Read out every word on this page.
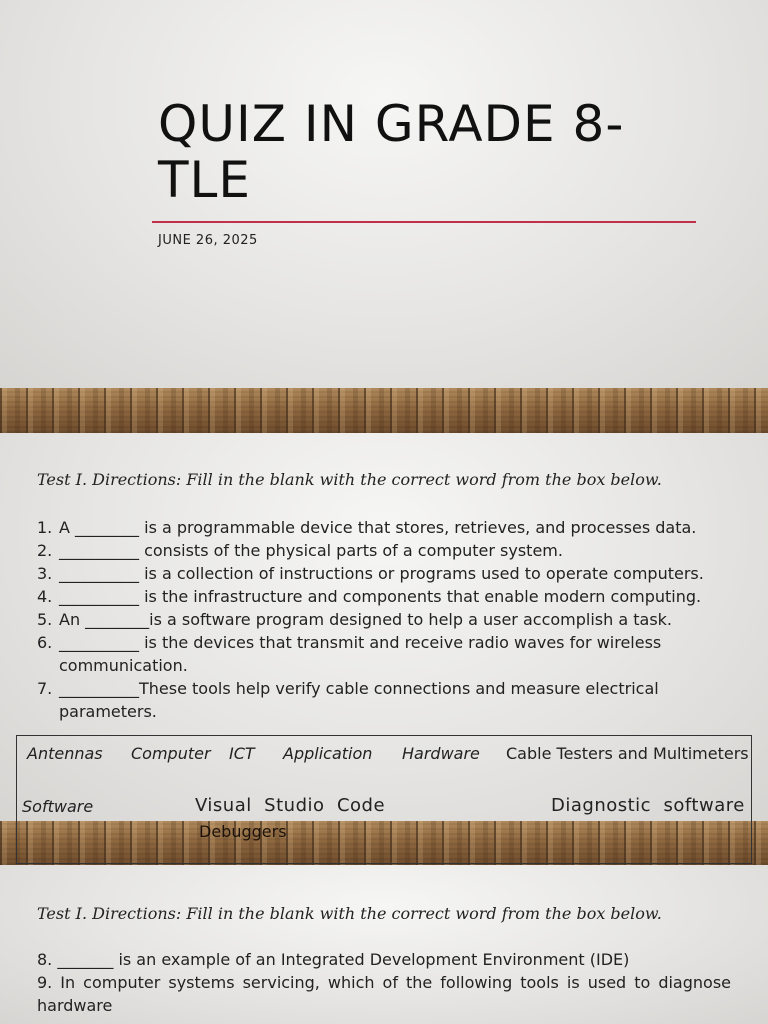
QUIZ IN GRADE 8-TLE
JUNE 26, 2025
Test I. Directions: Fill in the blank with the correct word from the box below.
1. A ________ is a programmable device that stores, retrieves, and processes data.
2. __________ consists of the physical parts of a computer system.
3. __________ is a collection of instructions or programs used to operate computers.
4. __________ is the infrastructure and components that enable modern computing.
5. An ________is a software program designed to help a user accomplish a task.
6. __________ is the devices that transmit and receive radio waves for wireless communication.
7. __________These tools help verify cable connections and measure electrical parameters.
Test I. Directions: Fill in the blank with the correct word from the box below.
8. _______ is an example of an Integrated Development Environment (IDE)
9. In computer systems servicing, which of the following tools is used to diagnose hardware
Antennas Computer ICT Application Hardware Cable Testers and Multimeters
Software	Visual  Studio  Code	Diagnostic  software
Debuggers
